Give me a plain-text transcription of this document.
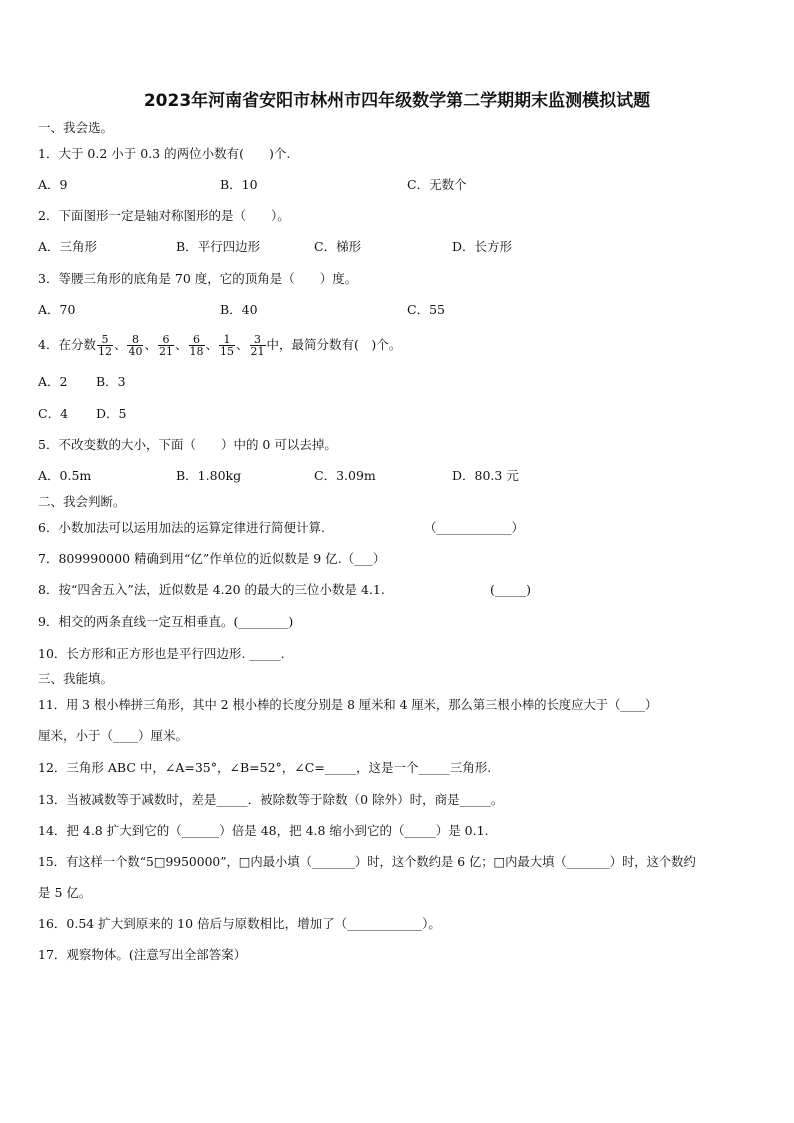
2023年河南省安阳市林州市四年级数学第二学期期末监测模拟试题
一、我会选。
1．大于 0.2 小于 0.3 的两位小数有(　　)个.
A．9	B．10	C．无数个
2．下面图形一定是轴对称图形的是（　　）。
A．三角形	B．平行四边形	C．梯形	D．长方形
3．等腰三角形的底角是 70 度，它的顶角是（　　）度。
A．70	B．40	C．55
4．在分数 $\frac{5}{12}$ 、 $\frac{8}{40}$ 、 $\frac{6}{21}$ 、 $\frac{6}{18}$ 、 $\frac{1}{15}$ 、 $\frac{3}{21}$ 中，最简分数有(　)个。
A．2 B．3
C．4 D．5
5．不改变数的大小，下面（　　）中的 0 可以去掉。
A．0.5m	B．1.80kg	C．3.09m	D．80.3 元
二、我会判断。
6．小数加法可以运用加法的运算定律进行简便计算.	（____________）
7．809990000 精确到用“亿”作单位的近似数是 9 亿.（___）
8．按“四舍五入”法，近似数是 4.20 的最大的三位小数是 4.1.	(_____)
9．相交的两条直线一定互相垂直。(________)
10．长方形和正方形也是平行四边形. _____.
三、我能填。
11．用 3 根小棒拼三角形，其中 2 根小棒的长度分别是 8 厘米和 4 厘米，那么第三根小棒的长度应大于（____）
厘米，小于（____）厘米。
12．三角形 ABC 中，∠A=35°，∠B=52°，∠C=_____，这是一个_____三角形.
13．当被减数等于减数时，差是_____．被除数等于除数（0 除外）时，商是_____。
14．把 4.8 扩大到它的（______）倍是 48，把 4.8 缩小到它的（_____）是 0.1.
15．有这样一个数“5□9950000”，□内最小填（_______）时，这个数约是 6 亿；□内最大填（_______）时，这个数约
是 5 亿。
16．0.54 扩大到原来的 10 倍后与原数相比，增加了（____________）。
17．观察物体。(注意写出全部答案）
